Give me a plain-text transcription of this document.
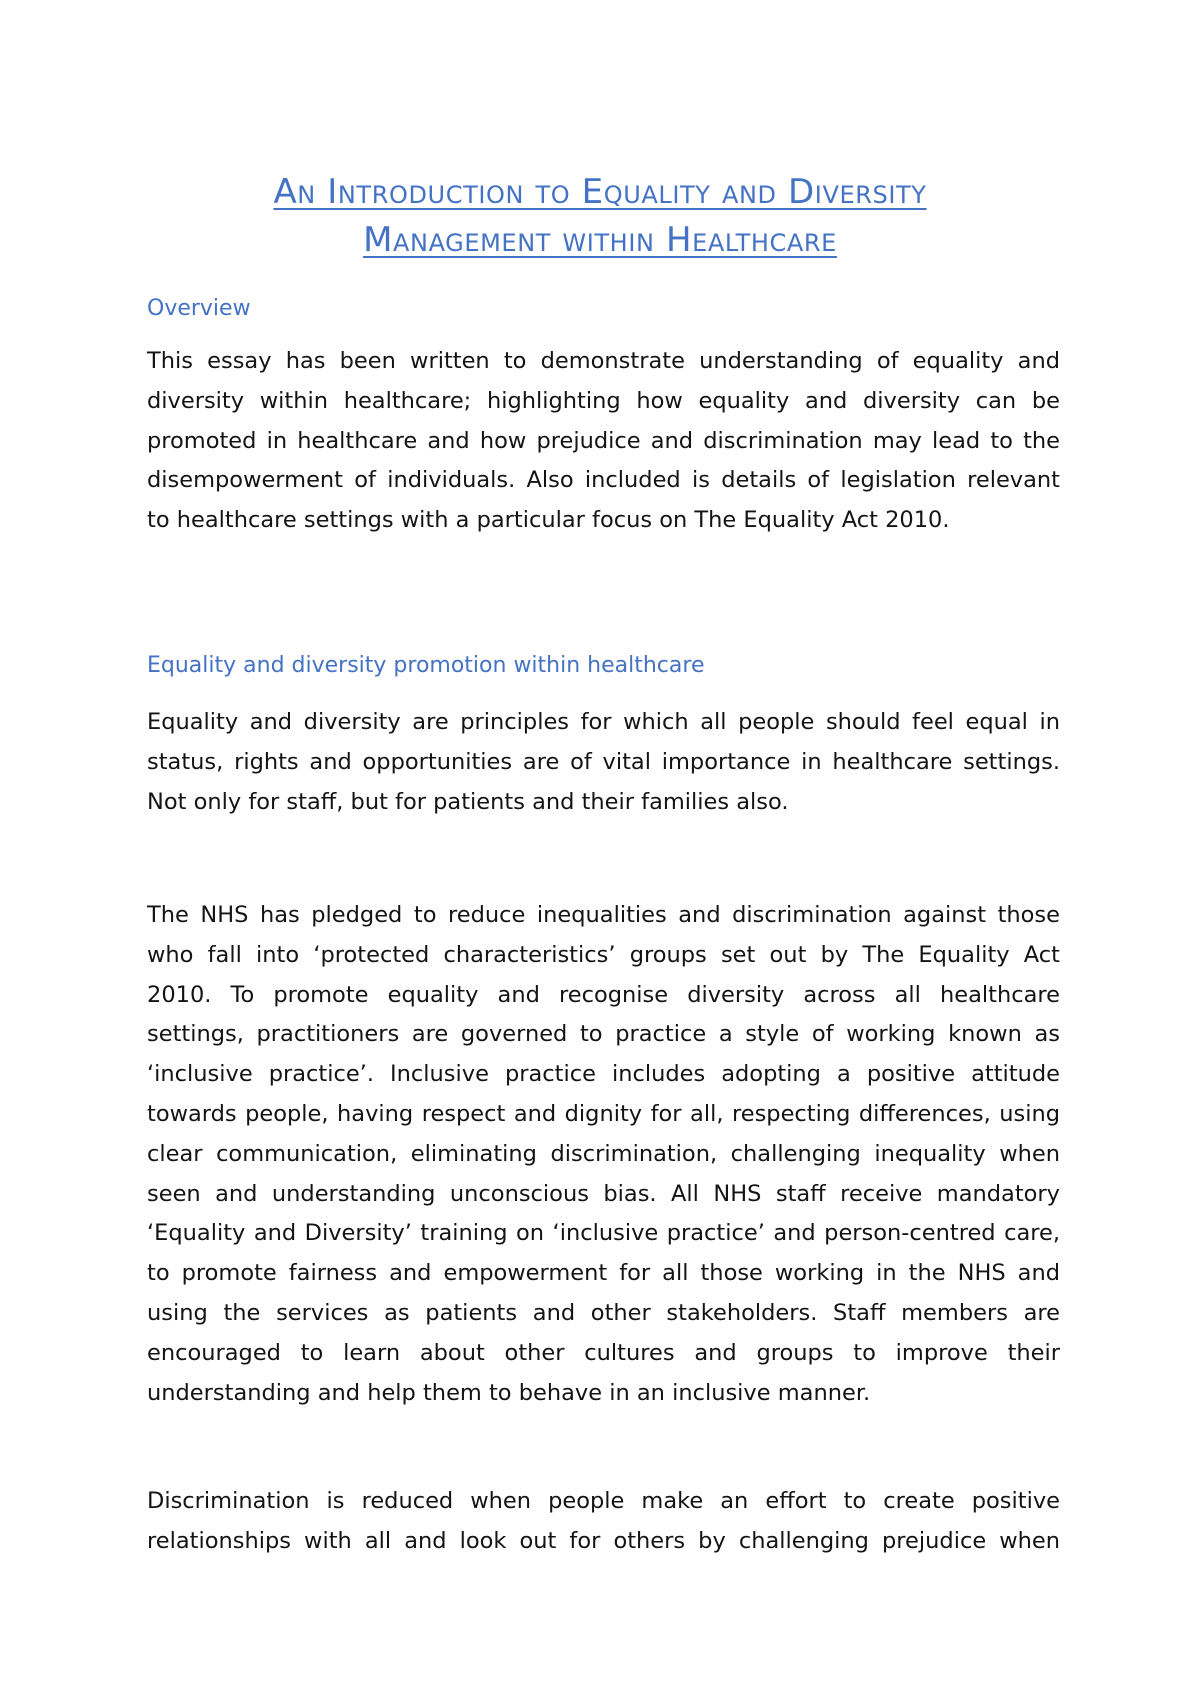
An Introduction to Equality and Diversity
Management within Healthcare
Overview
This essay has been written to demonstrate understanding of equality and
diversity within healthcare; highlighting how equality and diversity can be
promoted in healthcare and how prejudice and discrimination may lead to the
disempowerment of individuals. Also included is details of legislation relevant
to healthcare settings with a particular focus on The Equality Act 2010.
Equality and diversity promotion within healthcare
Equality and diversity are principles for which all people should feel equal in
status, rights and opportunities are of vital importance in healthcare settings.
Not only for staff, but for patients and their families also.
The NHS has pledged to reduce inequalities and discrimination against those
who fall into ‘protected characteristics’ groups set out by The Equality Act
2010. To promote equality and recognise diversity across all healthcare
settings, practitioners are governed to practice a style of working known as
‘inclusive practice’. Inclusive practice includes adopting a positive attitude
towards people, having respect and dignity for all, respecting differences, using
clear communication, eliminating discrimination, challenging inequality when
seen and understanding unconscious bias. All NHS staff receive mandatory
‘Equality and Diversity’ training on ‘inclusive practice’ and person-centred care,
to promote fairness and empowerment for all those working in the NHS and
using the services as patients and other stakeholders. Staff members are
encouraged to learn about other cultures and groups to improve their
understanding and help them to behave in an inclusive manner.
Discrimination is reduced when people make an effort to create positive
relationships with all and look out for others by challenging prejudice when
